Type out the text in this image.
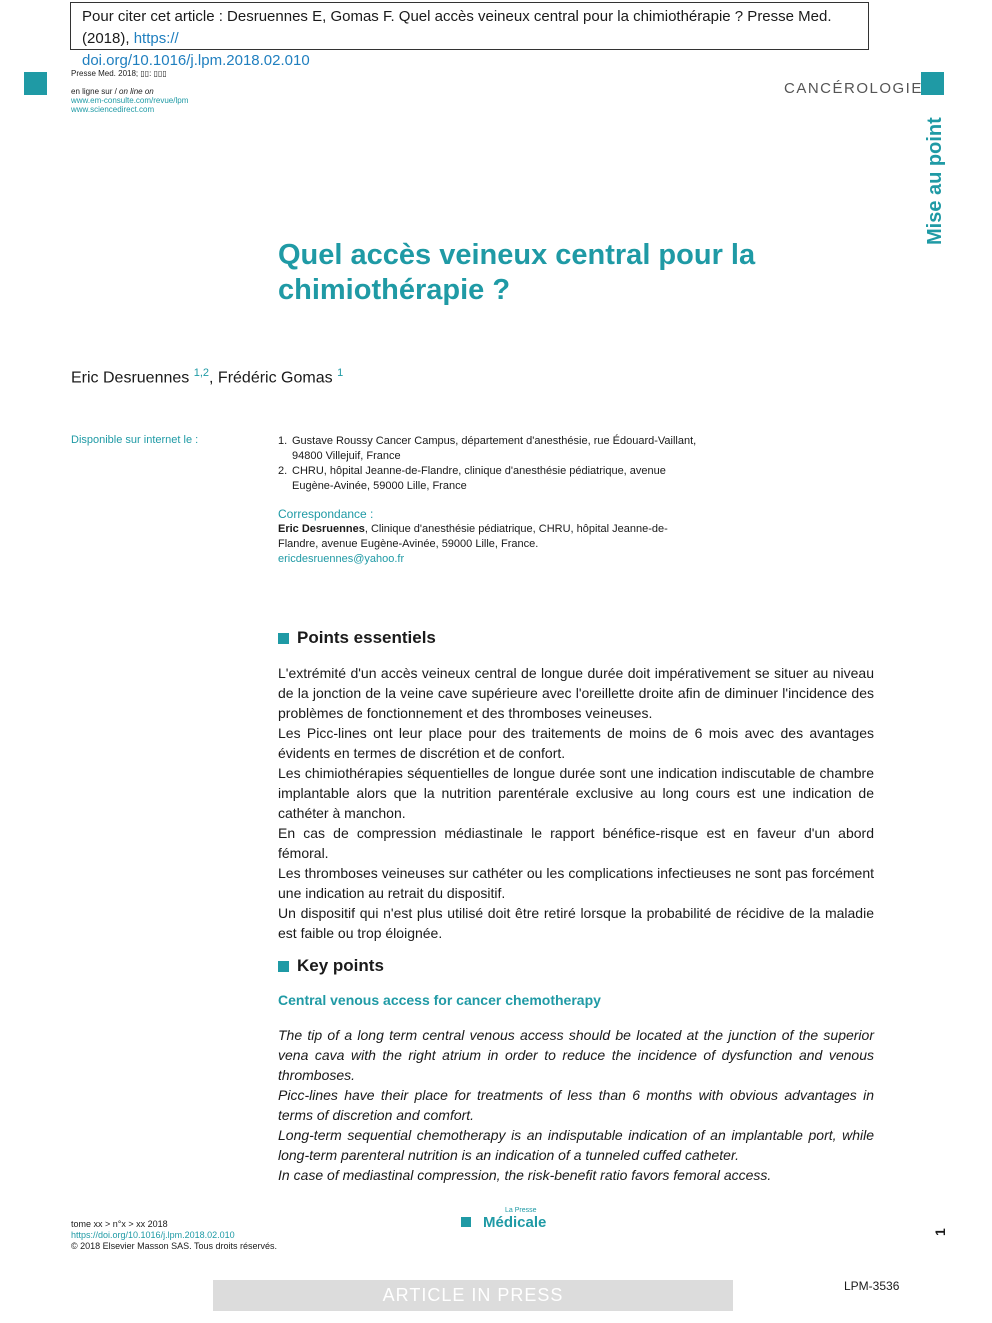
Pour citer cet article : Desruennes E, Gomas F. Quel accès veineux central pour la chimiothérapie ? Presse Med. (2018), https://
doi.org/10.1016/j.lpm.2018.02.010
Presse Med. 2018; ▯▯: ▯▯▯
en ligne sur / on line on
www.em-consulte.com/revue/lpm
www.sciencedirect.com
CANCÉROLOGIE
Mise au point
Quel accès veineux central pour la chimiothérapie ?
Eric Desruennes $^{1,2}$, Frédéric Gomas $^1$
Disponible sur internet le :	1. Gustave Roussy Cancer Campus, département d'anesthésie, rue Édouard-Vaillant, 94800 Villejuif, France
2. CHRU, hôpital Jeanne-de-Flandre, clinique d'anesthésie pédiatrique, avenue Eugène-Avinée, 59000 Lille, France
Correspondance :
Eric Desruennes, Clinique d'anesthésie pédiatrique, CHRU, hôpital Jeanne-de-Flandre, avenue Eugène-Avinée, 59000 Lille, France.
ericdesruennes@yahoo.fr
Points essentiels

L'extrémité d'un accès veineux central de longue durée doit impérativement se situer au niveau de la jonction de la veine cave supérieure avec l'oreillette droite afin de diminuer l'incidence des problèmes de fonctionnement et des thromboses veineuses.

Les Picc-lines ont leur place pour des traitements de moins de 6 mois avec des avantages évidents en termes de discrétion et de confort.

Les chimiothérapies séquentielles de longue durée sont une indication indiscutable de chambre implantable alors que la nutrition parentérale exclusive au long cours est une indication de cathéter à manchon.

En cas de compression médiastinale le rapport bénéfice-risque est en faveur d'un abord fémoral.

Les thromboses veineuses sur cathéter ou les complications infectieuses ne sont pas forcément une indication au retrait du dispositif.

Un dispositif qui n'est plus utilisé doit être retiré lorsque la probabilité de récidive de la maladie est faible ou trop éloignée.

Key points
Central venous access for cancer chemotherapy

The tip of a long term central venous access should be located at the junction of the superior vena cava with the right atrium in order to reduce the incidence of dysfunction and venous thromboses.

Picc-lines have their place for treatments of less than 6 months with obvious advantages in terms of discretion and comfort.

Long-term sequential chemotherapy is an indisputable indication of an implantable port, while long-term parenteral nutrition is an indication of a tunneled cuffed catheter.

In case of mediastinal compression, the risk-benefit ratio favors femoral access.

tome xx > n°x > xx 2018
https://doi.org/10.1016/j.lpm.2018.02.010
© 2018 Elsevier Masson SAS. Tous droits réservés.
La Presse
Médicale
1
ARTICLE IN PRESS	LPM-3536
